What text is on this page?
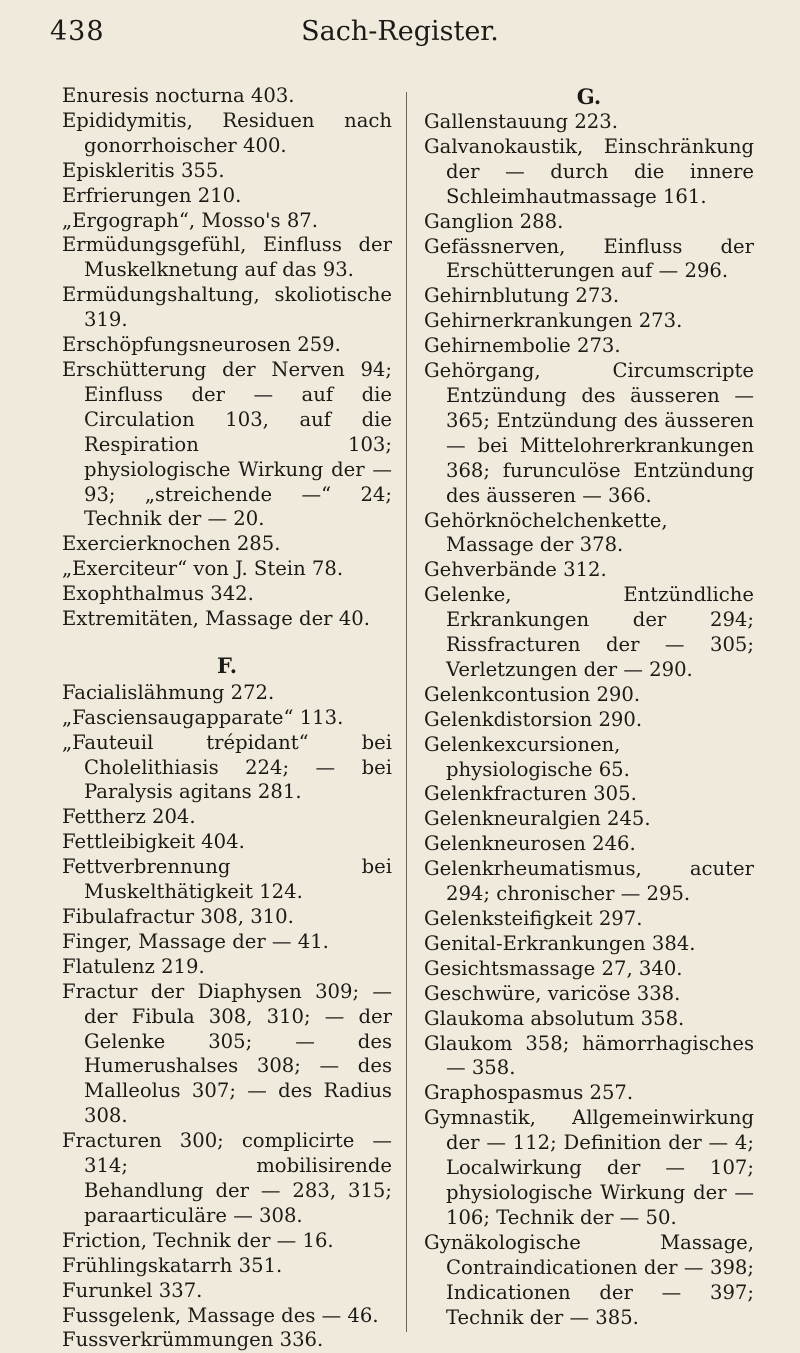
438	Sach-Register.

Enuresis nocturna 403.

Epididymitis, Residuen nach gonorrhoischer 400.

Episkleritis 355.

Erfrierungen 210.

„Ergograph“, Mosso's 87.

Ermüdungsgefühl, Einfluss der Muskelknetung auf das 93.

Ermüdungshaltung, skoliotische 319.

Erschöpfungsneurosen 259.

Erschütterung der Nerven 94; Einfluss der — auf die Circulation 103, auf die Respiration 103; physiologische Wirkung der — 93; „streichende —“ 24; Technik der — 20.

Exercierknochen 285.

„Exerciteur“ von J. Stein 78.

Exophthalmus 342.

Extremitäten, Massage der 40.

F.

Facialislähmung 272.

„Fasciensaugapparate“ 113.

„Fauteuil trépidant“ bei Cholelithiasis 224; — bei Paralysis agitans 281.

Fettherz 204.

Fettleibigkeit 404.

Fettverbrennung bei Muskelthätigkeit 124.

Fibulafractur 308, 310.

Finger, Massage der — 41.

Flatulenz 219.

Fractur der Diaphysen 309; — der Fibula 308, 310; — der Gelenke 305; — des Humerushalses 308; — des Malleolus 307; — des Radius 308.

Fracturen 300; complicirte — 314; mobilisirende Behandlung der — 283, 315; paraarticuläre — 308.

Friction, Technik der — 16.

Frühlingskatarrh 351.

Furunkel 337.

Fussgelenk, Massage des — 46.

Fussverkrümmungen 336.

G.

Gallenstauung 223.

Galvanokaustik, Einschränkung der — durch die innere Schleimhautmassage 161.

Ganglion 288.

Gefässnerven, Einfluss der Erschütterungen auf — 296.

Gehirnblutung 273.

Gehirnerkrankungen 273.

Gehirnembolie 273.

Gehörgang, Circumscripte Entzündung des äusseren — 365; Entzündung des äusseren — bei Mittelohrerkrankungen 368; furunculöse Entzündung des äusseren — 366.

Gehörknöchelchenkette, Massage der 378.

Gehverbände 312.

Gelenke, Entzündliche Erkrankungen der 294; Rissfracturen der — 305; Verletzungen der — 290.

Gelenkcontusion 290.

Gelenkdistorsion 290.

Gelenkexcursionen, physiologische 65.

Gelenkfracturen 305.

Gelenkneuralgien 245.

Gelenkneurosen 246.

Gelenkrheumatismus, acuter 294; chronischer — 295.

Gelenksteifigkeit 297.

Genital-Erkrankungen 384.

Gesichtsmassage 27, 340.

Geschwüre, varicöse 338.

Glaukoma absolutum 358.

Glaukom 358; hämorrhagisches — 358.

Graphospasmus 257.

Gymnastik, Allgemeinwirkung der — 112; Definition der — 4; Localwirkung der — 107; physiologische Wirkung der — 106; Technik der — 50.

Gynäkologische Massage, Contraindicationen der — 398; Indicationen der — 397; Technik der — 385.
